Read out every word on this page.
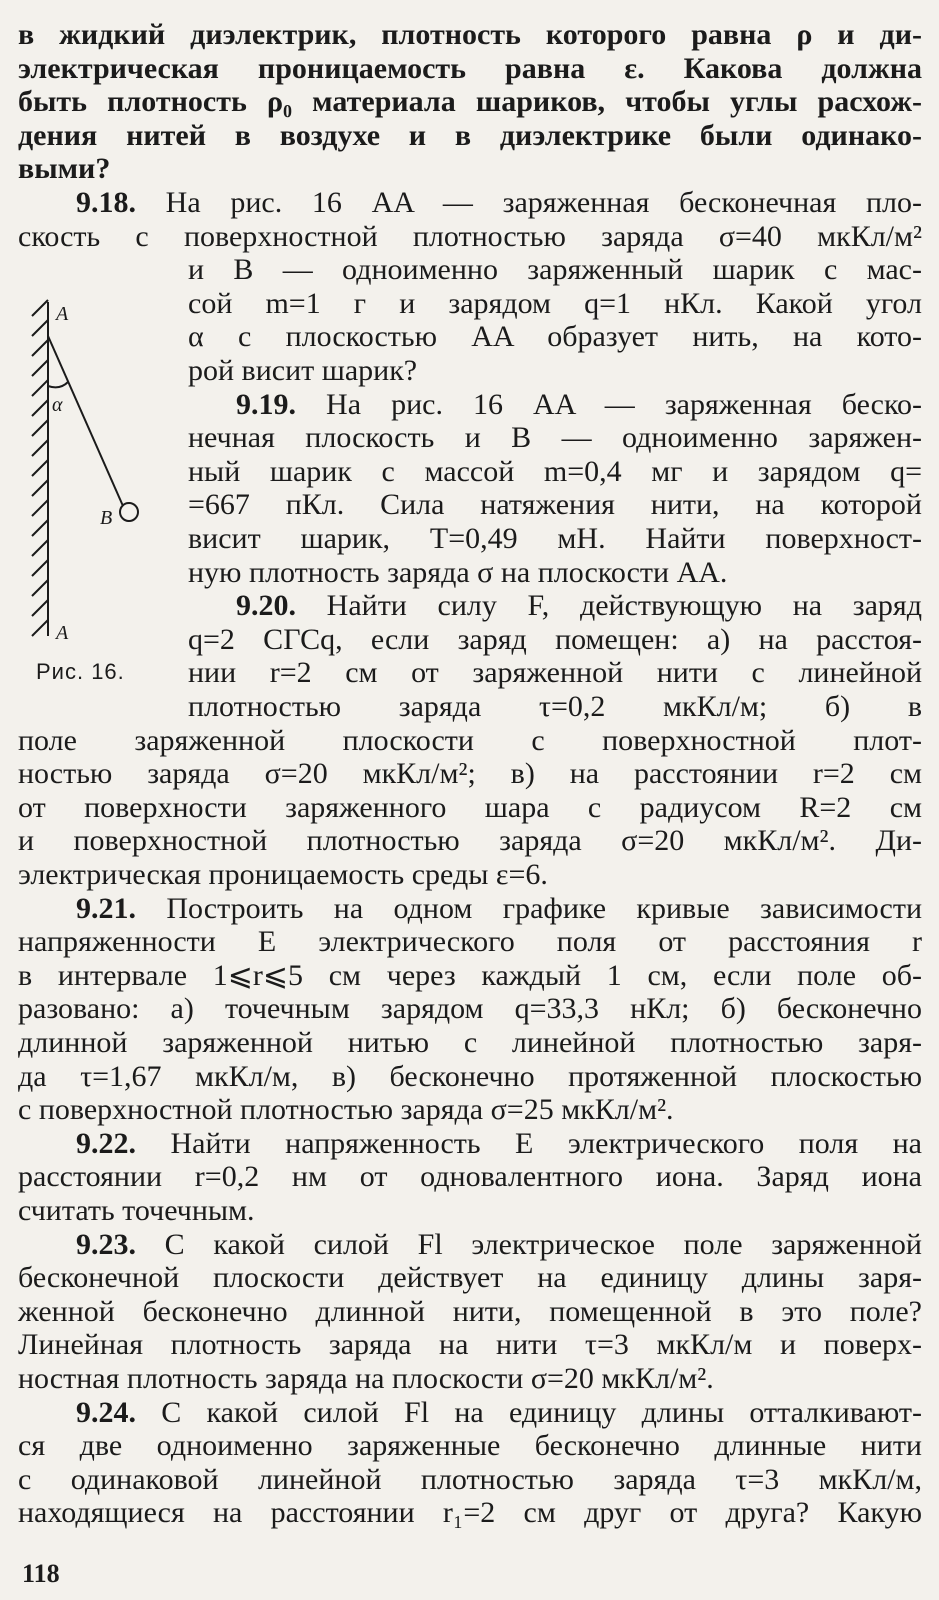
в жидкий диэлектрик, плотность которого равна ρ и ди-
электрическая проницаемость равна ε. Какова должна
быть плотность ρ₀ материала шариков, чтобы углы расхож-
дения нитей в воздухе и в диэлектрике были одинако-
выми?
9.18. На рис. 16 AA — заряженная бесконечная пло-
скость с поверхностной плотностью заряда σ=40 мкКл/м²
и B — одноименно заряженный шарик с мас-
сой m=1 г и зарядом q=1 нКл. Какой угол
α с плоскостью AA образует нить, на кото-
рой висит шарик?
9.19. На рис. 16 AA — заряженная беско-
нечная плоскость и B — одноименно заряжен-
ный шарик с массой m=0,4 мг и зарядом q=
=667 пКл. Сила натяжения нити, на которой
висит шарик, T=0,49 мН. Найти поверхност-
ную плотность заряда σ на плоскости AA.
9.20. Найти силу F, действующую на заряд
q=2 СГСq, если заряд помещен: а) на расстоя-
нии r=2 см от заряженной нити с линейной
плотностью заряда τ=0,2 мкКл/м; б) в
поле заряженной плоскости с поверхностной плот-
ностью заряда σ=20 мкКл/м²; в) на расстоянии r=2 см
от поверхности заряженного шара с радиусом R=2 см
и поверхностной плотностью заряда σ=20 мкКл/м². Ди-
электрическая проницаемость среды ε=6.
9.21. Построить на одном графике кривые зависимости
напряженности E электрического поля от расстояния r
в интервале 1⩽r⩽5 см через каждый 1 см, если поле об-
разовано: а) точечным зарядом q=33,3 нКл; б) бесконечно
длинной заряженной нитью с линейной плотностью заря-
да τ=1,67 мкКл/м, в) бесконечно протяженной плоскостью
с поверхностной плотностью заряда σ=25 мкКл/м².
9.22. Найти напряженность E электрического поля на
расстоянии r=0,2 нм от одновалентного иона. Заряд иона
считать точечным.
9.23. С какой силой Fl электрическое поле заряженной
бесконечной плоскости действует на единицу длины заря-
женной бесконечно длинной нити, помещенной в это поле?
Линейная плотность заряда на нити τ=3 мкКл/м и поверх-
ностная плотность заряда на плоскости σ=20 мкКл/м².
9.24. С какой силой Fl на единицу длины отталкивают-
ся две одноименно заряженные бесконечно длинные нити
с одинаковой линейной плотностью заряда τ=3 мкКл/м,
находящиеся на расстоянии r₁=2 см друг от друга? Какую
A
α
B
A
Рис. 16.
118
